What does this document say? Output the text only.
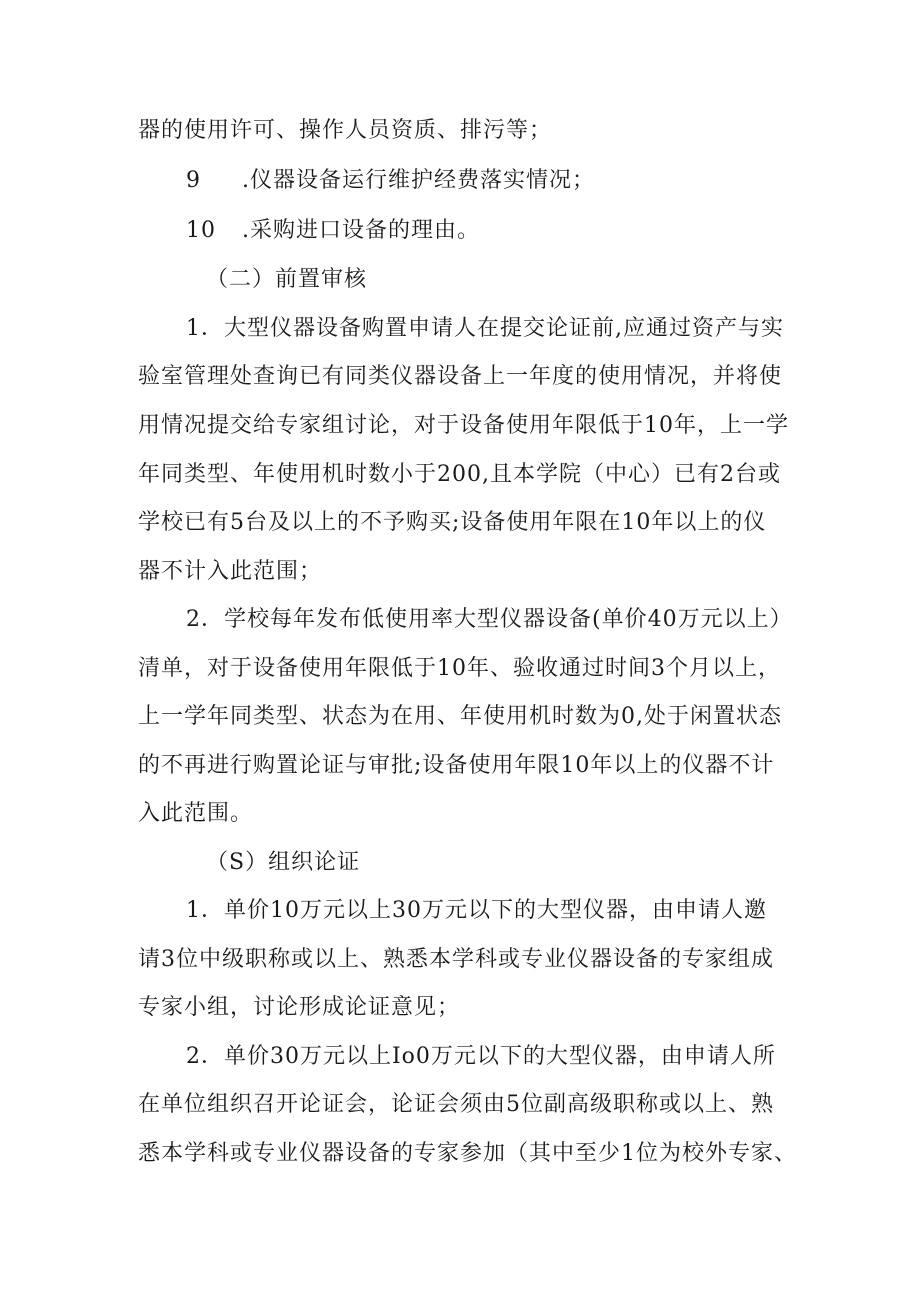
器的使用许可、操作人员资质、排污等；
9 .仪器设备运行维护经费落实情况；
10 .采购进口设备的理由。
（二）前置审核
1．大型仪器设备购置申请人在提交论证前,应通过资产与实
验室管理处查询已有同类仪器设备上一年度的使用情况，并将使
用情况提交给专家组讨论，对于设备使用年限低于10年，上一学
年同类型、年使用机时数小于200,且本学院（中心）已有2台或
学校已有5台及以上的不予购买;设备使用年限在10年以上的仪
器不计入此范围；
2．学校每年发布低使用率大型仪器设备(单价40万元以上）
清单，对于设备使用年限低于10年、验收通过时间3个月以上，
上一学年同类型、状态为在用、年使用机时数为0,处于闲置状态
的不再进行购置论证与审批;设备使用年限10年以上的仪器不计
入此范围。
（S）组织论证
1．单价10万元以上30万元以下的大型仪器，由申请人邀
请3位中级职称或以上、熟悉本学科或专业仪器设备的专家组成
专家小组，讨论形成论证意见；
2．单价30万元以上Io0万元以下的大型仪器，由申请人所
在单位组织召开论证会，论证会须由5位副高级职称或以上、熟
悉本学科或专业仪器设备的专家参加（其中至少1位为校外专家、
